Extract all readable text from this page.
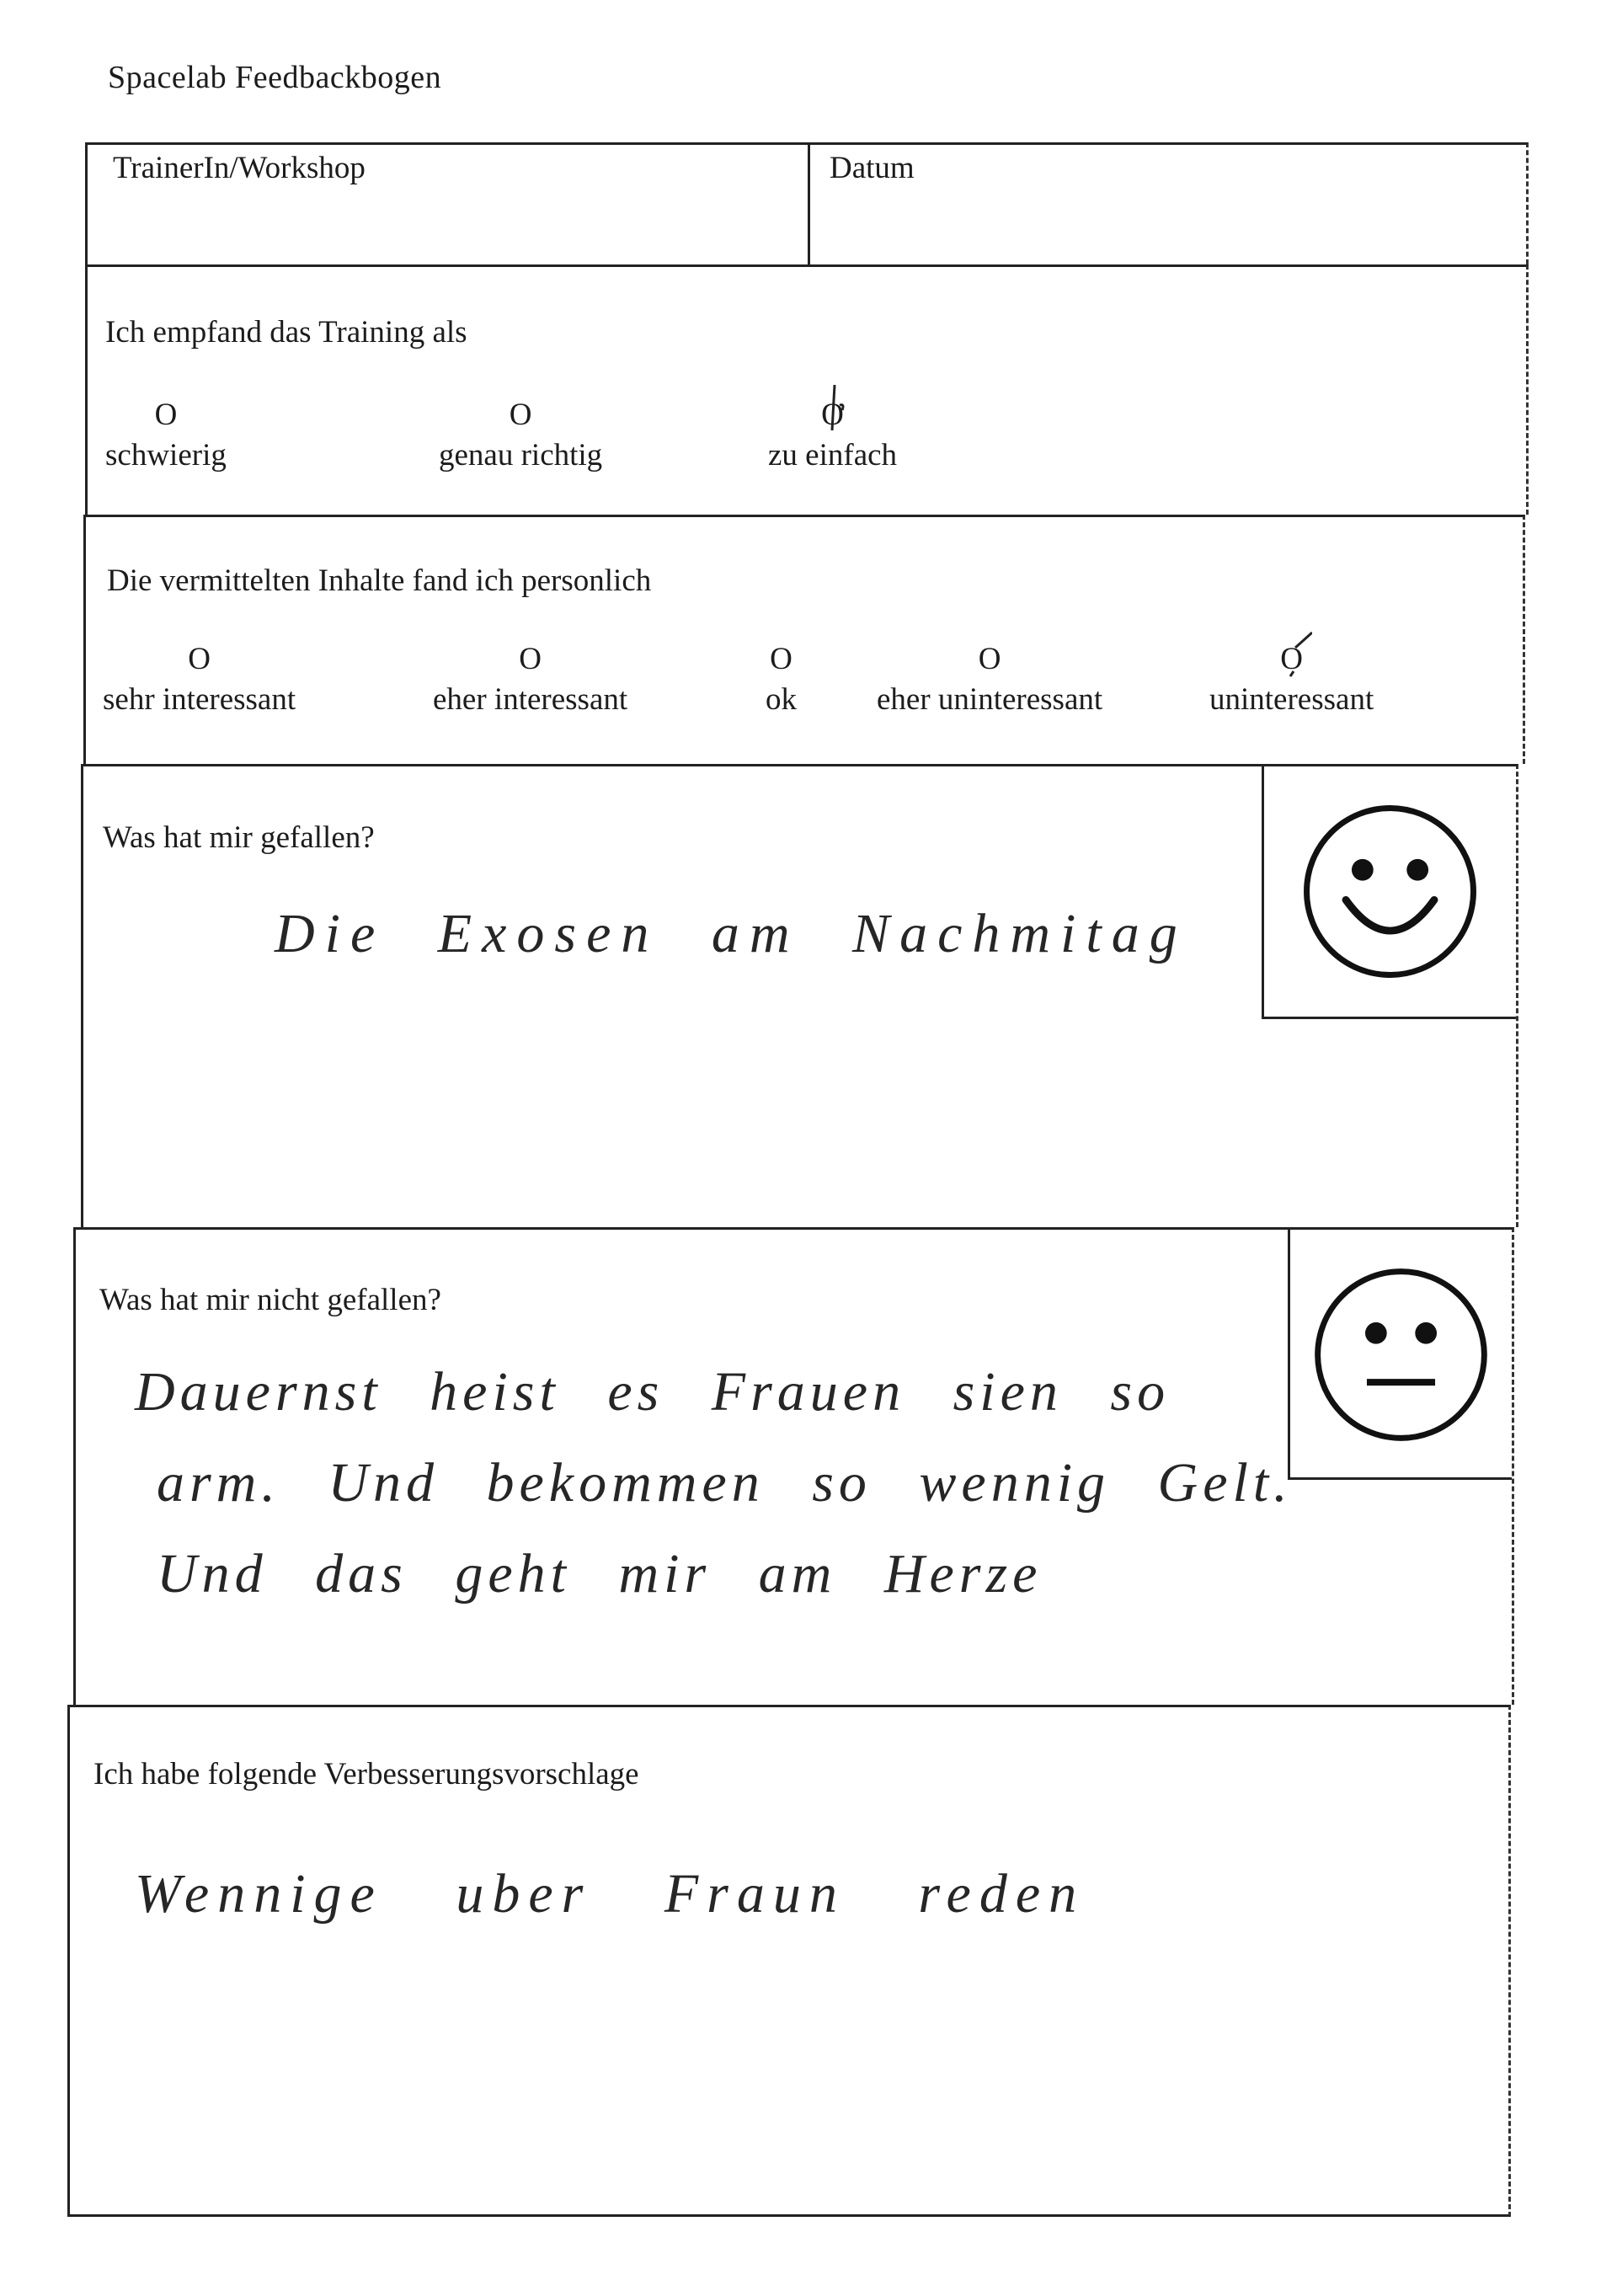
Spacelab Feedbackbogen
TrainerIn/Workshop	Datum
Ich empfand das Training als
O
schwierig
O
genau richtig
O
zu einfach
Die vermittelten Inhalte fand ich personlich
O
sehr interessant
O
eher interessant
O
ok
O
eher uninteressant
O
uninteressant
Was hat mir gefallen?
Die Exosen am Nachmitag
Was hat mir nicht gefallen?
Dauernst heist es Frauen sien so
arm. Und bekommen so wennig Gelt.
Und das geht mir am Herze
Ich habe folgende Verbesserungsvorschlage
Wennige uber Fraun reden
